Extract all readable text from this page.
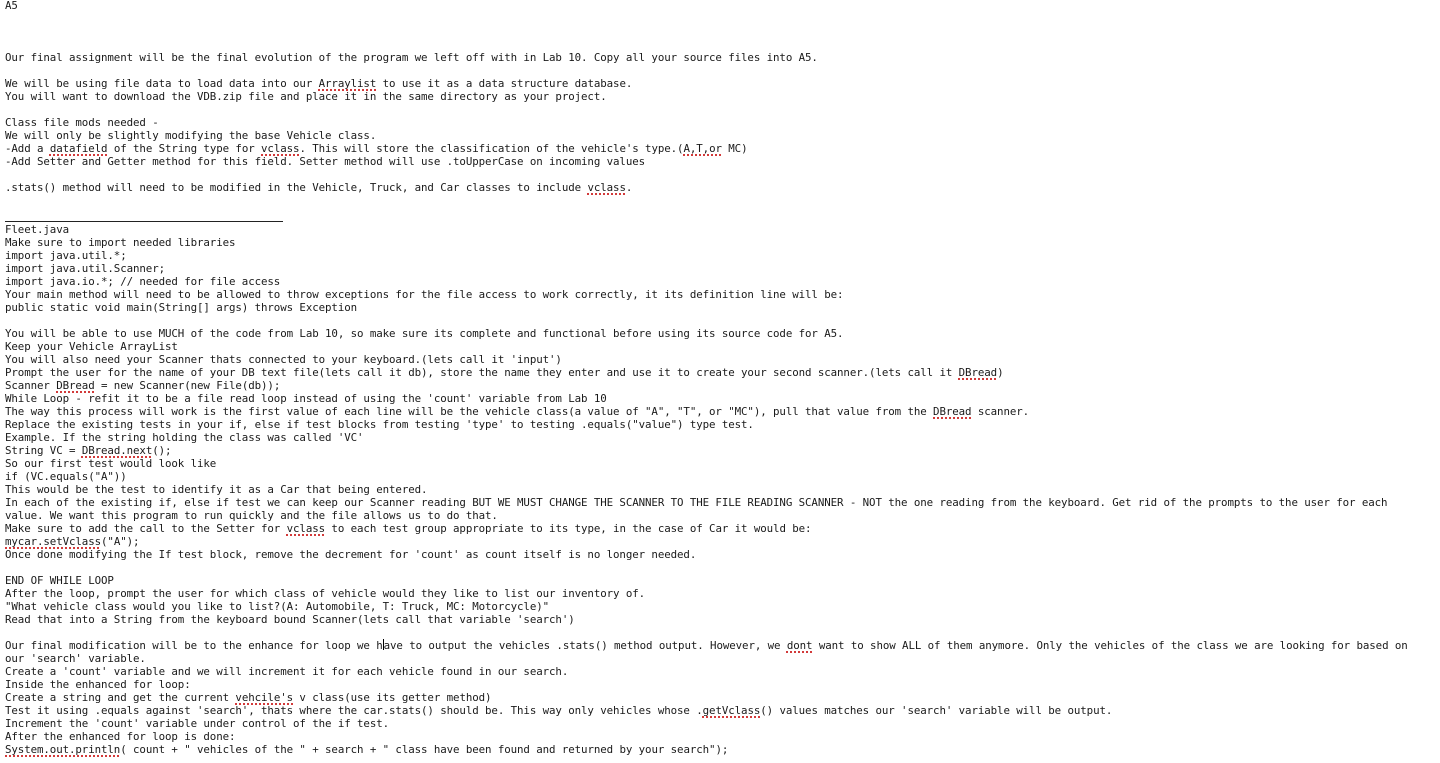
A5

Our final assignment will be the final evolution of the program we left off with in Lab 10. Copy all your source files into A5.

We will be using file data to load data into our Arraylist to use it as a data structure database.
You will want to download the VDB.zip file and place it in the same directory as your project.

Class file mods needed -
We will only be slightly modifying the base Vehicle class.
-Add a datafield of the String type for vclass. This will store the classification of the vehicle's type.(A,T,or MC)
-Add Setter and Getter method for this field. Setter method will use .toUpperCase on incoming values

.stats() method will need to be modified in the Vehicle, Truck, and Car classes to include vclass.
Fleet.java
Make sure to import needed libraries
import java.util.*;
import java.util.Scanner;
import java.io.*; // needed for file access
Your main method will need to be allowed to throw exceptions for the file access to work correctly, it its definition line will be:
public static void main(String[] args) throws Exception

You will be able to use MUCH of the code from Lab 10, so make sure its complete and functional before using its source code for A5.
Keep your Vehicle ArrayList
You will also need your Scanner thats connected to your keyboard.(lets call it 'input')
Prompt the user for the name of your DB text file(lets call it db), store the name they enter and use it to create your second scanner.(lets call it DBread)
Scanner DBread = new Scanner(new File(db));
While Loop - refit it to be a file read loop instead of using the 'count' variable from Lab 10
The way this process will work is the first value of each line will be the vehicle class(a value of "A", "T", or "MC"), pull that value from the DBread scanner.
Replace the existing tests in your if, else if test blocks from testing 'type' to testing .equals("value") type test.
Example. If the string holding the class was called 'VC'
String VC = DBread.next();
So our first test would look like
if (VC.equals("A"))
This would be the test to identify it as a Car that being entered.
In each of the existing if, else if test we can keep our Scanner reading BUT WE MUST CHANGE THE SCANNER TO THE FILE READING SCANNER - NOT the one reading from the keyboard. Get rid of the prompts to the user for each value. We want this program to run quickly and the file allows us to do that.
Make sure to add the call to the Setter for vclass to each test group appropriate to its type, in the case of Car it would be:
mycar.setVclass("A");
Once done modifying the If test block, remove the decrement for 'count' as count itself is no longer needed.

END OF WHILE LOOP
After the loop, prompt the user for which class of vehicle would they like to list our inventory of.
"What vehicle class would you like to list?(A: Automobile, T: Truck, MC: Motorcycle)"
Read that into a String from the keyboard bound Scanner(lets call that variable 'search')

Our final modification will be to the enhance for loop we have to output the vehicles .stats() method output. However, we dont want to show ALL of them anymore. Only the vehicles of the class we are looking for based on our 'search' variable.
Create a 'count' variable and we will increment it for each vehicle found in our search.
Inside the enhanced for loop:
Create a string and get the current vehcile's v class(use its getter method)
Test it using .equals against 'search', thats where the car.stats() should be. This way only vehicles whose .getVclass() values matches our 'search' variable will be output.
Increment the 'count' variable under control of the if test.
After the enhanced for loop is done:
System.out.println( count + " vehicles of the " + search + " class have been found and returned by your search");
